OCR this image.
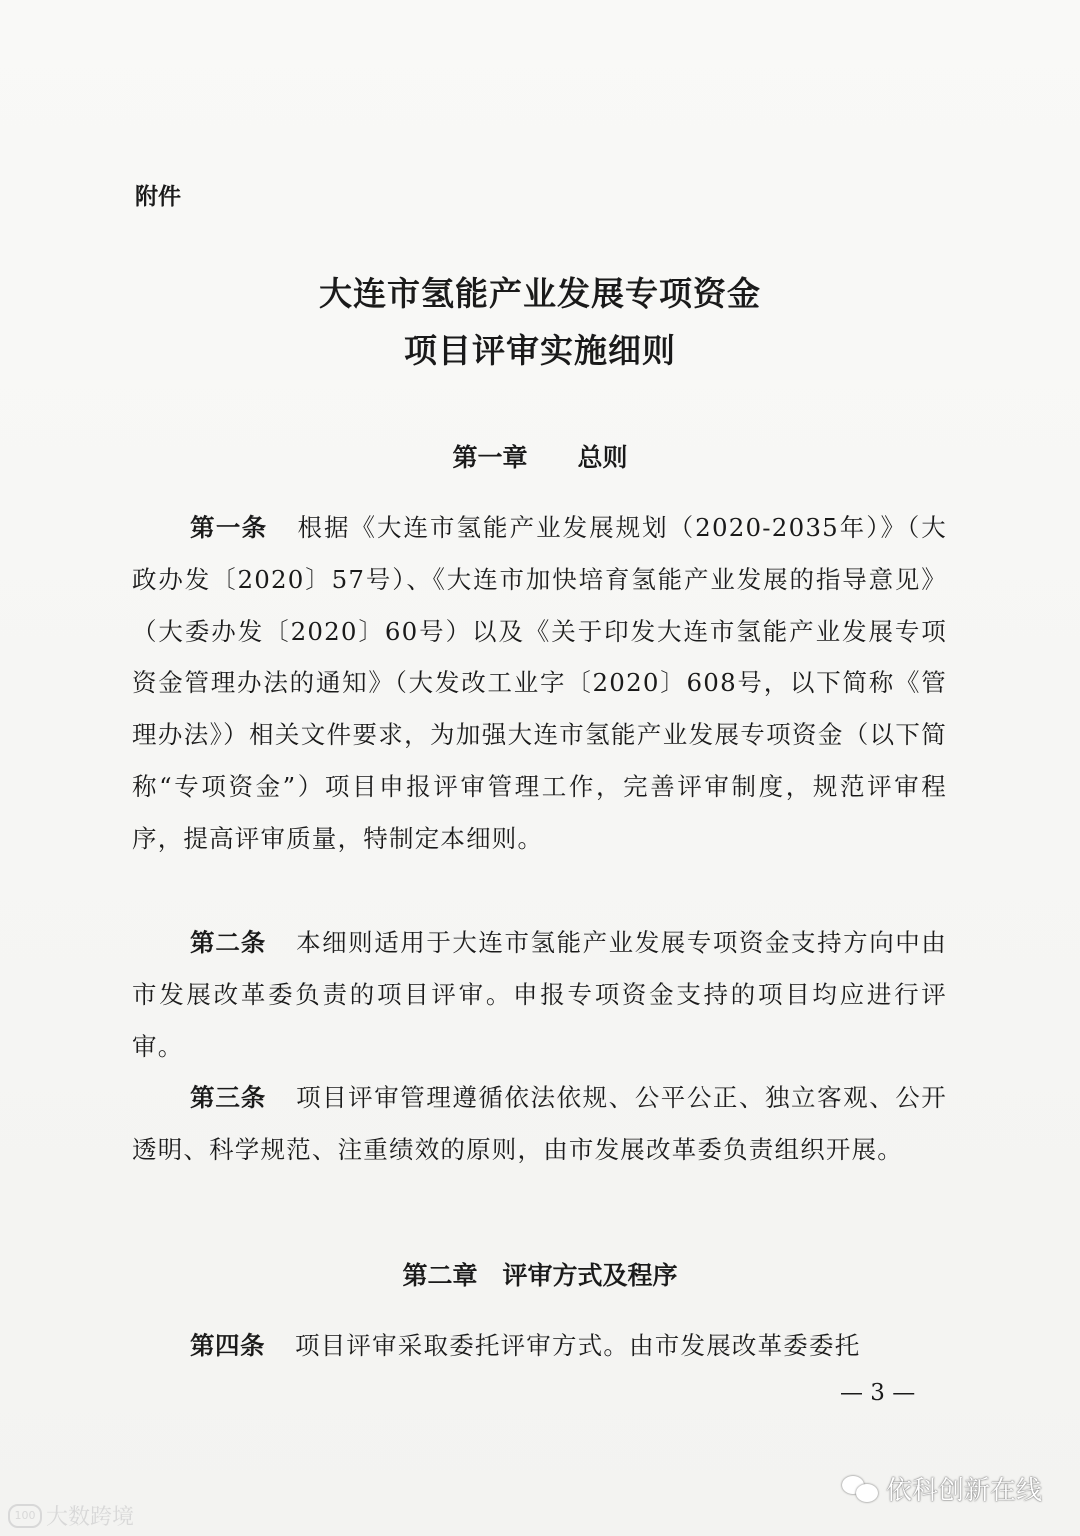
附件
大连市氢能产业发展专项资金
项目评审实施细则
第一章　　总则
第一条 根据《大连市氢能产业发展规划（2020-2035年）》（大政办发〔2020〕57号）、《大连市加快培育氢能产业发展的指导意见》（大委办发〔2020〕60号）以及《关于印发大连市氢能产业发展专项资金管理办法的通知》（大发改工业字〔2020〕608号，以下简称《管理办法》）相关文件要求，为加强大连市氢能产业发展专项资金（以下简称“专项资金”）项目申报评审管理工作，完善评审制度，规范评审程序，提高评审质量，特制定本细则。
第二条 本细则适用于大连市氢能产业发展专项资金支持方向中由市发展改革委负责的项目评审。申报专项资金支持的项目均应进行评审。
第三条 项目评审管理遵循依法依规、公平公正、独立客观、公开透明、科学规范、注重绩效的原则，由市发展改革委负责组织开展。
第二章　评审方式及程序
第四条 项目评审采取委托评审方式。由市发展改革委委托
— 3 —
100 大数跨境
依科创新在线
